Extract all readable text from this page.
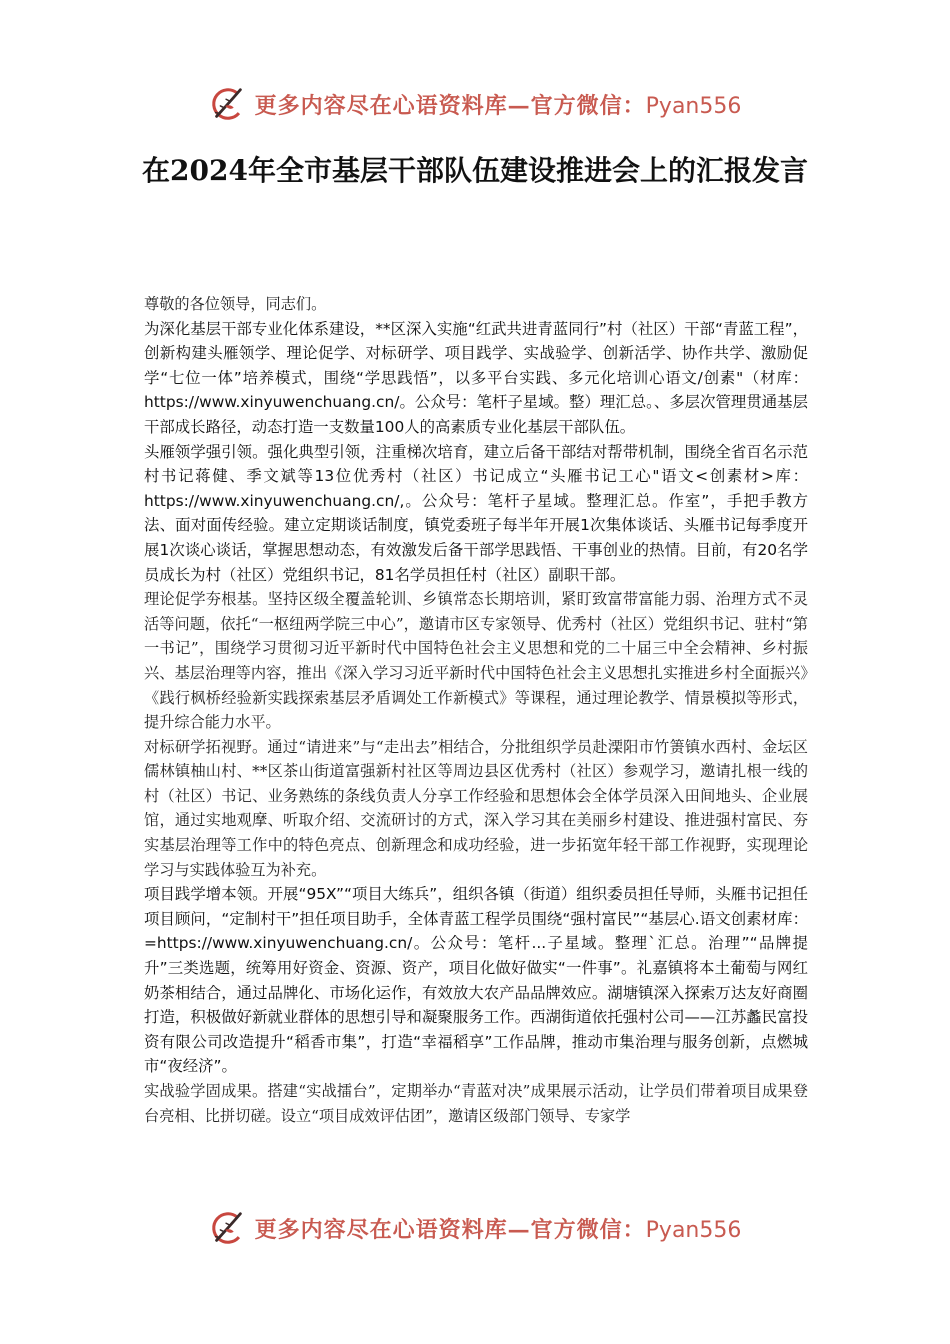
更多内容尽在心语资料库—官方微信：Pyan556
在2024年全市基层干部队伍建设推进会上的汇报发言

尊敬的各位领导，同志们。

为深化基层干部专业化体系建设，**区深入实施“红武共进青蓝同行”村（社区）干部“青蓝工程”，创新构建头雁领学、理论促学、对标研学、项目践学、实战验学、创新活学、协作共学、激励促学“七位一体”培养模式，围绕“学思践悟”，以多平台实践、多元化培训心语文/创素"（材库：https://www.xinyuwenchuang.cn/。公众号：笔杆子星域。整）理汇总。、多层次管理贯通基层干部成长路径，动态打造一支数量100人的高素质专业化基层干部队伍。

头雁领学强引领。强化典型引领，注重梯次培育，建立后备干部结对帮带机制，围绕全省百名示范村书记蒋健、季文斌等13位优秀村（社区）书记成立“头雁书记工心"语文<创素材>库：https://www.xinyuwenchuang.cn/,。公众号：笔杆子星域。整理汇总。作室”，手把手教方法、面对面传经验。建立定期谈话制度，镇党委班子每半年开展1次集体谈话、头雁书记每季度开展1次谈心谈话，掌握思想动态，有效激发后备干部学思践悟、干事创业的热情。目前，有20名学员成长为村（社区）党组织书记，81名学员担任村（社区）副职干部。

理论促学夯根基。坚持区级全覆盖轮训、乡镇常态长期培训，紧盯致富带富能力弱、治理方式不灵活等问题，依托“一枢纽两学院三中心”，邀请市区专家领导、优秀村（社区）党组织书记、驻村“第一书记”，围绕学习贯彻习近平新时代中国特色社会主义思想和党的二十届三中全会精神、乡村振兴、基层治理等内容，推出《深入学习习近平新时代中国特色社会主义思想扎实推进乡村全面振兴》《践行枫桥经验新实践探索基层矛盾调处工作新模式》等课程，通过理论教学、情景模拟等形式，提升综合能力水平。

对标研学拓视野。通过“请进来”与“走出去”相结合，分批组织学员赴溧阳市竹箦镇水西村、金坛区儒林镇柚山村、**区茶山街道富强新村社区等周边县区优秀村（社区）参观学习，邀请扎根一线的村（社区）书记、业务熟练的条线负责人分享工作经验和思想体会全体学员深入田间地头、企业展馆，通过实地观摩、听取介绍、交流研讨的方式，深入学习其在美丽乡村建设、推进强村富民、夯实基层治理等工作中的特色亮点、创新理念和成功经验，进一步拓宽年轻干部工作视野，实现理论学习与实践体验互为补充。

项目践学增本领。开展“95X”“项目大练兵”，组织各镇（街道）组织委员担任导师，头雁书记担任项目顾问，“定制村干”担任项目助手，全体青蓝工程学员围绕“强村富民”“基层心.语文创素材库：=https://www.xinyuwenchuang.cn/。公众号：笔杆...子星域。整理`汇总。治理”“品牌提升”三类选题，统筹用好资金、资源、资产，项目化做好做实“一件事”。礼嘉镇将本土葡萄与网红奶茶相结合，通过品牌化、市场化运作，有效放大农产品品牌效应。湖塘镇深入探索万达友好商圈打造，积极做好新就业群体的思想引导和凝聚服务工作。西湖街道依托强村公司——江苏蠡民富投资有限公司改造提升“稻香市集”，打造“幸福稻享”工作品牌，推动市集治理与服务创新，点燃城市“夜经济”。

实战验学固成果。搭建“实战擂台”，定期举办“青蓝对决”成果展示活动，让学员们带着项目成果登台亮相、比拼切磋。设立“项目成效评估团”，邀请区级部门领导、专家学

更多内容尽在心语资料库—官方微信：Pyan556
